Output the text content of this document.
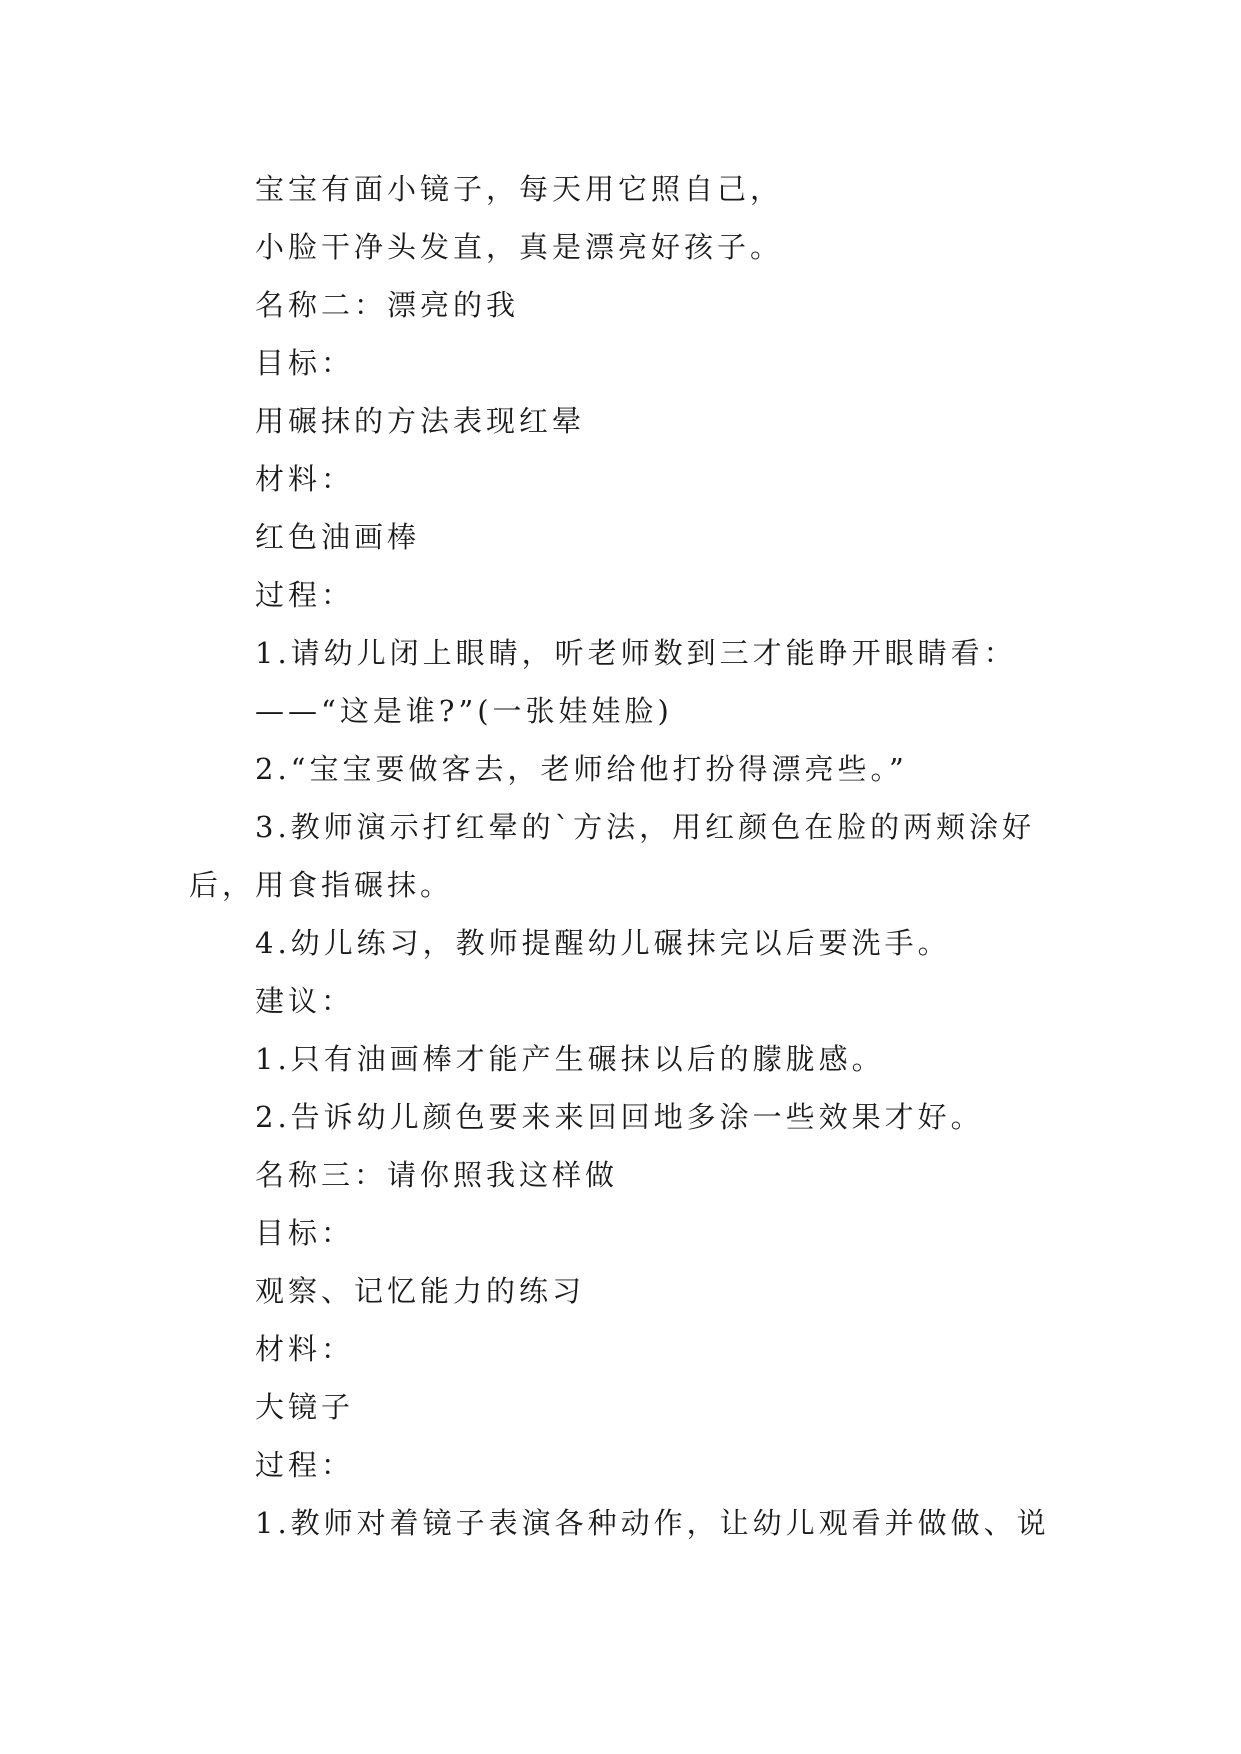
宝宝有面小镜子，每天用它照自己，

小脸干净头发直，真是漂亮好孩子。

名称二：漂亮的我

目标：

用碾抹的方法表现红晕

材料：

红色油画棒

过程：

1.请幼儿闭上眼睛，听老师数到三才能睁开眼睛看：

——“这是谁?”(一张娃娃脸)

2.“宝宝要做客去，老师给他打扮得漂亮些。”

3.教师演示打红晕的`方法，用红颜色在脸的两颊涂好后，用食指碾抹。

4.幼儿练习，教师提醒幼儿碾抹完以后要洗手。

建议：

1.只有油画棒才能产生碾抹以后的朦胧感。

2.告诉幼儿颜色要来来回回地多涂一些效果才好。

名称三：请你照我这样做

目标：

观察、记忆能力的练习

材料：

大镜子

过程：

1.教师对着镜子表演各种动作，让幼儿观看并做做、说
